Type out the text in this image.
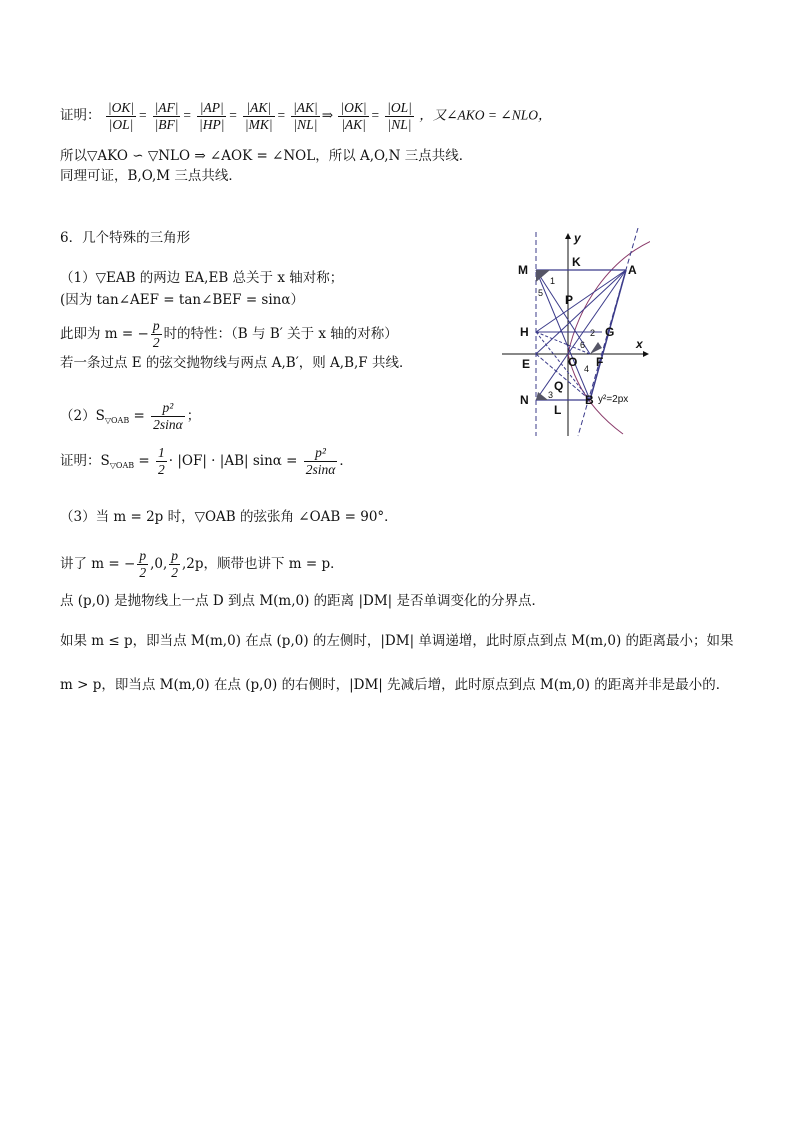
证明： $\frac{|OK|}{|OL|} = \frac{|AF|}{|BF|} = \frac{|AP|}{|HP|} = \frac{|AK|}{|MK|} = \frac{|AK|}{|NL|}$ ⇒ $\frac{|OK|}{|AK|} = \frac{|OL|}{|NL|}$ ，又∠AKO = ∠NLO，
所以▽AKO ∽ ▽NLO ⇒ ∠AOK = ∠NOL，所以 A,O,N 三点共线．
同理可证，B,O,M 三点共线．
6．几个特殊的三角形
（1）▽EAB 的两边 EA,EB 总关于 x 轴对称；
(因为 tan∠AEF = tan∠BEF = sinα）
此即为 m = − $\frac{p}{2}$ 时的特性：（B 与 B′ 关于 x 轴的对称）
若一条过点 E 的弦交抛物线与两点 A,B′，则 A,B,F 共线．
$(2)S_{▽OAB} = \frac{\text{p²}}{2\sin\alpha}$ ；
证明：$S_{▽OAB} = \frac{1}{2} \cdot |OF| \cdot |AB|$ $\sin\alpha = \frac{\text{p²}}{2\sin\alpha}$ ．
（3）当 m = 2p 时，▽OAB 的弦张角 ∠OAB = 90°．
讲了 m = − $\frac{p}{2} ,0$, $\frac{p}{2} ,2p$，顺带也讲下 m = p．
点 (p,0) 是抛物线上一点 D 到点 M(m,0) 的距离 |DM| 是否单调变化的分界点．
如果 m ≤ p，即当点 M(m,0) 在点 (p,0) 的左侧时，|DM| 单调递增，此时原点到点 M(m,0) 的距离最小；如果
m > p，即当点 M(m,0) 在点 (p,0) 的右侧时，|DM| 先减后增，此时原点到点 M(m,0) 的距离并非是最小的．
M
K
A
P
H	G
E	O F
Q
N
L
B
x
y
1
5
2
6
4
3	y²=2px
